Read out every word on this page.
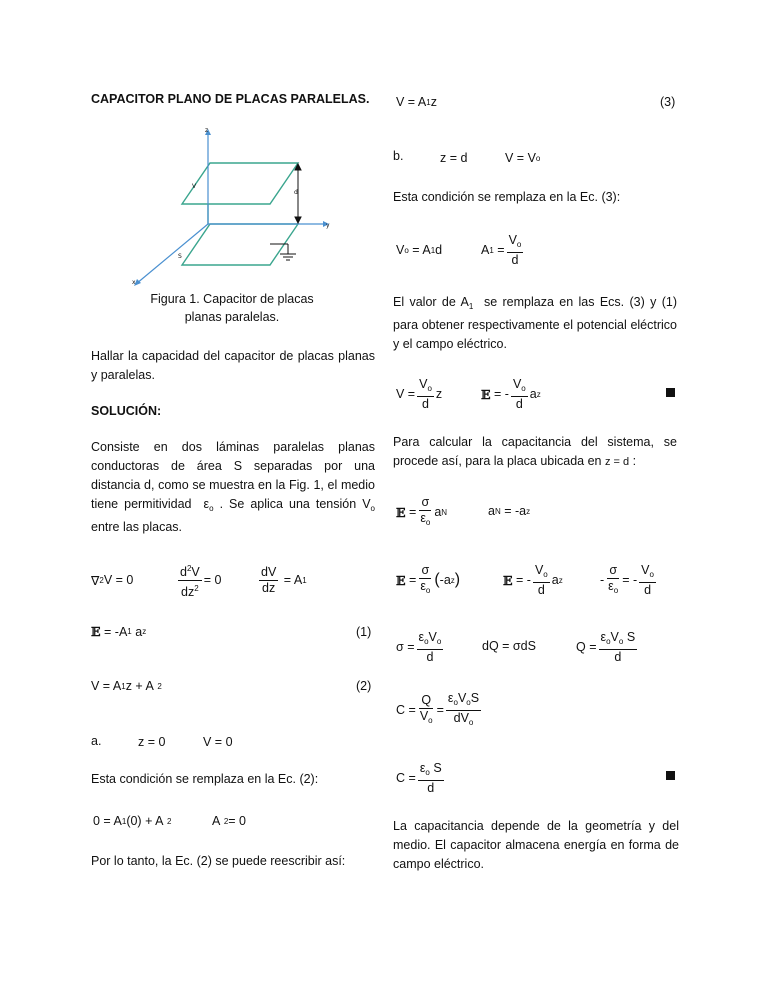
CAPACITOR PLANO DE PLACAS PARALELAS.
z
y
x
d
S
V
Figura 1. Capacitor de placas
planas paralelas.
Hallar la capacidad del capacitor de placas planas y paralelas.
SOLUCIÓN:
Consiste en dos láminas paralelas planas conductoras de área S separadas por una distancia d, como se muestra en la Fig. 1, el medio tiene permitividad $\varepsilon_o$ . Se aplica una tensión $V_o$ entre las placas.
∇ 2 V = 0	$\frac{d^2V}{dz^2} = 0$	$\frac{dV}{dz}$
= A 1
𝔼
= -A 1
a z	(1)
V = A 1 z + A
2	(2)
a.	z = 0	V = 0
Esta condición se remplaza en la Ec. (2):
0 = A 1 (0) + A
2	A
2 = 0
Por lo tanto, la Ec. (2) se puede reescribir así:
V = A 1 z	(3)
b.	z = d	V = V o
Esta condición se remplaza en la Ec. (3):
V o
= A 1 d	A $1 = \frac{V_o}{d}$
El valor de $A_1$ se remplaza en las Ecs. (3) y (1) para obtener respectivamente el potencial eléctrico y el campo eléctrico.
$V = \frac{V_o}{d}$ z	𝔼
= - $\frac{V_o}{d}$ a z
Para calcular la capacitancia del sistema, se procede así, para la placa ubicada en z = d :
𝔼 = $\frac{\sigma}{\varepsilon_o}$ a N	a N
= -a z
𝔼 = $\frac{\sigma}{\varepsilon_o}$ ( -a z )	𝔼
= - $\frac{V_o}{d}$ a z	- $\frac{\sigma}{\varepsilon_o}$ = - $\frac{V_o}{d}$
$\sigma = \frac{\varepsilon_oV_o}{d}$	dQ = σdS	$Q = \frac{\varepsilon_oV_o S}{d}$
$C = \frac{Q}{V_o} = \frac{\varepsilon_oV_oS}{dV_o}$
$C = \frac{\varepsilon_o S}{d}$
La capacitancia depende de la geometría y del medio. El capacitor almacena energía en forma de campo eléctrico.
